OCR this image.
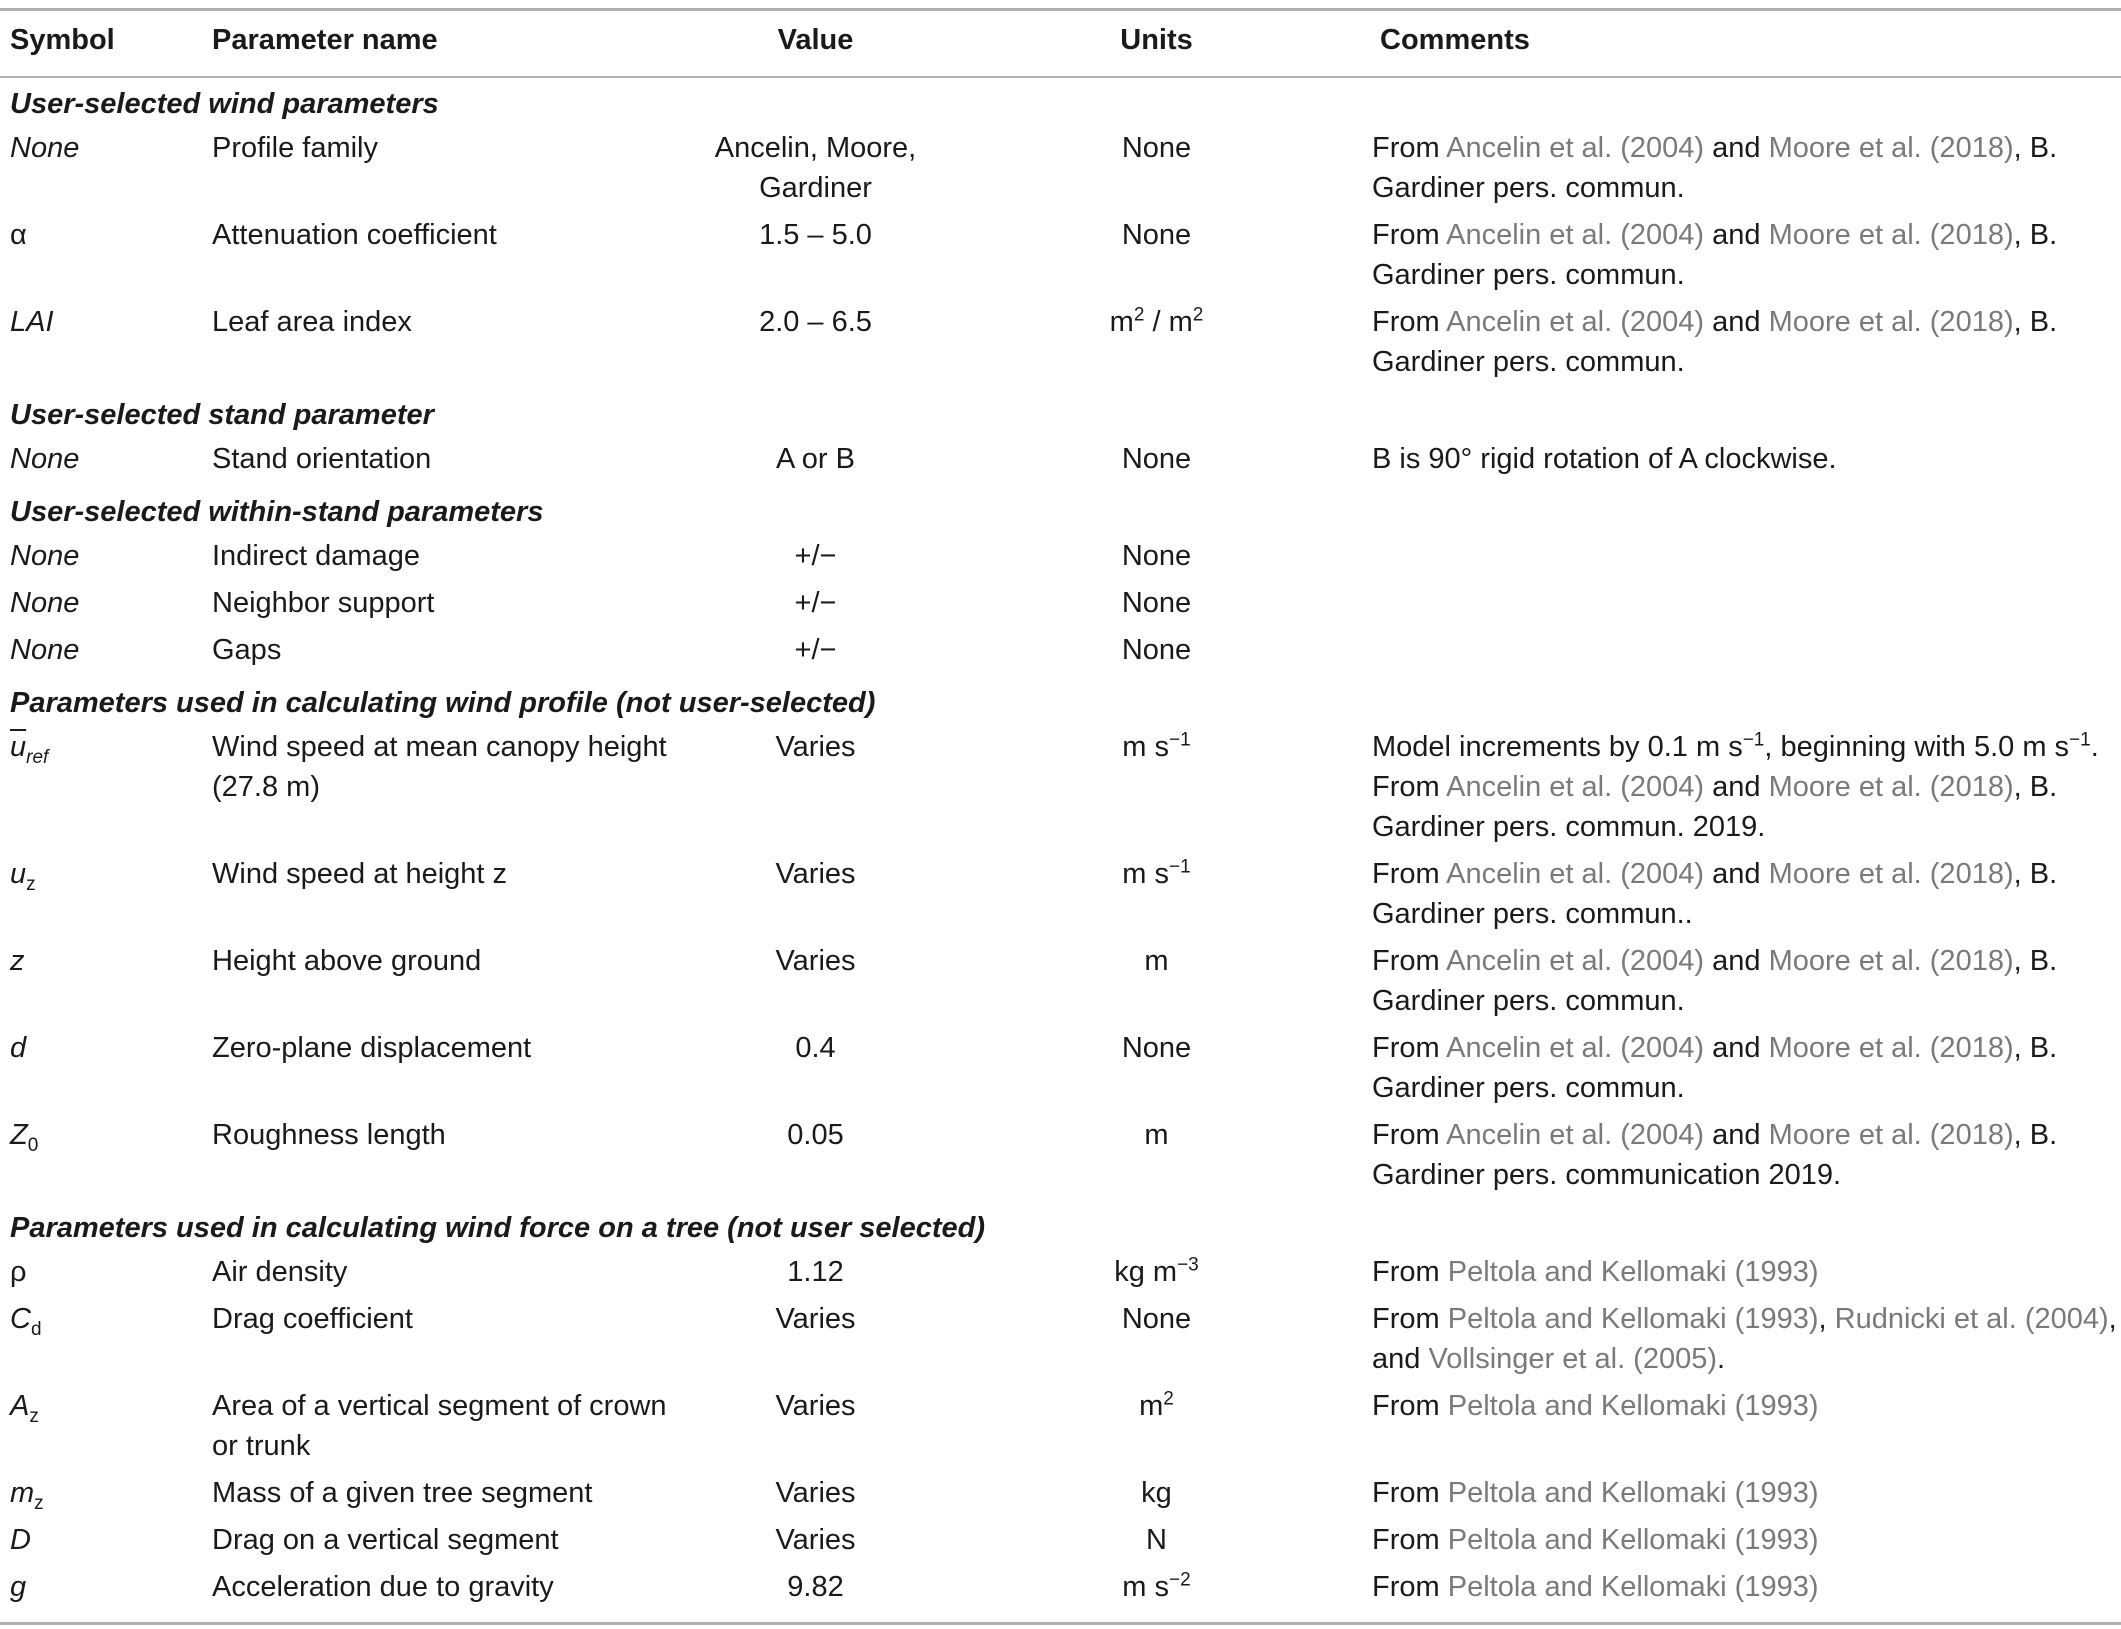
Symbol	Parameter name	Value	Units	Comments
User-selected wind parameters				
None	Profile family	Ancelin, Moore, Gardiner	None	From Ancelin et al. (2004) and Moore et al. (2018), B. Gardiner pers. commun.
α	Attenuation coefficient	1.5 – 5.0	None	From Ancelin et al. (2004) and Moore et al. (2018), B. Gardiner pers. commun.
LAI	Leaf area index	2.0 – 6.5	$m^2 / m^2$	From Ancelin et al. (2004) and Moore et al. (2018), B. Gardiner pers. commun.
User-selected stand parameter				
None	Stand orientation	A or B	None	B is 90° rigid rotation of A clockwise.
User-selected within-stand parameters				
None	Indirect damage	+/−	None	
None	Neighbor support	+/−	None	
None	Gaps	+/−	None	
Parameters used in calculating wind profile (not user-selected)				
$\overline{u}_{ref}$	Wind speed at mean canopy height (27.8 m)	Varies	m $s^{-1}$	Model increments by 0.1 m $s^{-1}$, beginning with 5.0 m $s^{-1}$. From Ancelin et al. (2004) and Moore et al. (2018), B. Gardiner pers. commun. 2019.
$u_z$	Wind speed at height z	Varies	m $s^{-1}$	From Ancelin et al. (2004) and Moore et al. (2018), B. Gardiner pers. commun..
z	Height above ground	Varies	m	From Ancelin et al. (2004) and Moore et al. (2018), B. Gardiner pers. commun.
d	Zero-plane displacement	0.4	None	From Ancelin et al. (2004) and Moore et al. (2018), B. Gardiner pers. commun.
$Z_0$	Roughness length	0.05	m	From Ancelin et al. (2004) and Moore et al. (2018), B. Gardiner pers. communication 2019.
Parameters used in calculating wind force on a tree (not user selected)				
ρ	Air density	1.12	kg $m^{-3}$	From Peltola and Kellomaki (1993)
$C_d$	Drag coefficient	Varies	None	From Peltola and Kellomaki (1993), Rudnicki et al. (2004), and Vollsinger et al. (2005).
$A_z$	Area of a vertical segment of crown or trunk	Varies	$m^2$	From Peltola and Kellomaki (1993)
$m_z$	Mass of a given tree segment	Varies	kg	From Peltola and Kellomaki (1993)
D	Drag on a vertical segment	Varies	N	From Peltola and Kellomaki (1993)
g	Acceleration due to gravity	9.82	m $s^{-2}$	From Peltola and Kellomaki (1993)
